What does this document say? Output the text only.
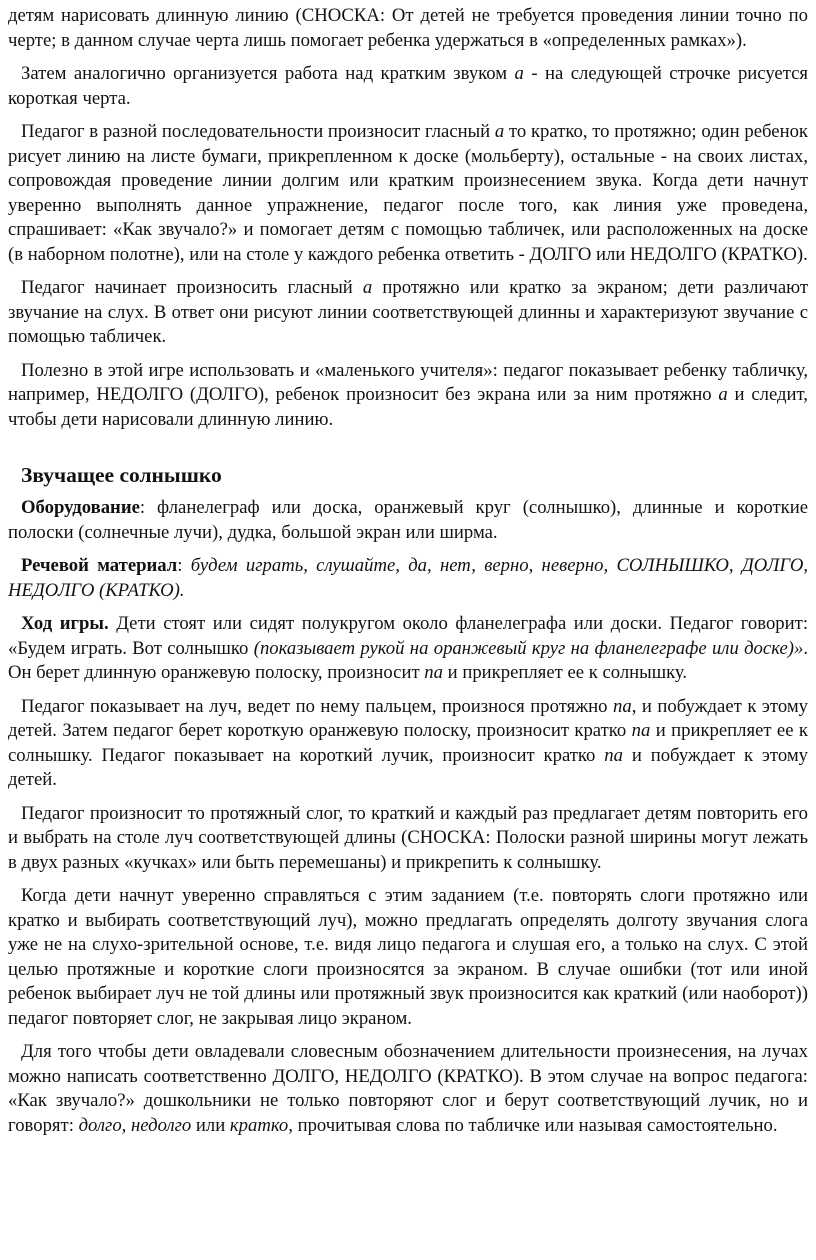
детям нарисовать длинную линию (СНОСКА: От детей не требуется проведения линии точно по черте; в данном случае черта лишь помогает ребенка удержаться в «определенных рамках»).

Затем аналогично организуется работа над кратким звуком а - на следующей строчке рисуется короткая черта.

Педагог в разной последовательности произносит гласный а то кратко, то протяжно; один ребенок рисует линию на листе бумаги, прикрепленном к доске (мольберту), остальные - на своих листах, сопровождая проведение линии долгим или кратким произнесением звука. Когда дети начнут уверенно выполнять данное упражнение, педагог после того, как линия уже проведена, спрашивает: «Как звучало?» и помогает детям с помощью табличек, или расположенных на доске (в наборном полотне), или на столе у каждого ребенка ответить - ДОЛГО или НЕДОЛГО (КРАТКО).

Педагог начинает произносить гласный а протяжно или кратко за экраном; дети различают звучание на слух. В ответ они рисуют линии соответствующей длинны и характеризуют звучание с помощью табличек.

Полезно в этой игре использовать и «маленького учителя»: педагог показывает ребенку табличку, например, НЕДОЛГО (ДОЛГО), ребенок произносит без экрана или за ним протяжно а и следит, чтобы дети нарисовали длинную линию.

Звучащее солнышко

Оборудование: фланелеграф или доска, оранжевый круг (солнышко), длинные и короткие полоски (солнечные лучи), дудка, большой экран или ширма.

Речевой материал: будем играть, слушайте, да, нет, верно, неверно, СОЛНЫШКО, ДОЛГО, НЕДОЛГО (КРАТКО).

Ход игры. Дети стоят или сидят полукругом около фланелеграфа или доски. Педагог говорит: «Будем играть. Вот солнышко (показывает рукой на оранжевый круг на фланелеграфе или доске)». Он берет длинную оранжевую полоску, произносит па и прикрепляет ее к солнышку.

Педагог показывает на луч, ведет по нему пальцем, произнося протяжно па, и побуждает к этому детей. Затем педагог берет короткую оранжевую полоску, произносит кратко па и прикрепляет ее к солнышку. Педагог показывает на короткий лучик, произносит кратко па и побуждает к этому детей.

Педагог произносит то протяжный слог, то краткий и каждый раз предлагает детям повторить его и выбрать на столе луч соответствующей длины (СНОСКА: Полоски разной ширины могут лежать в двух разных «кучках» или быть перемешаны) и прикрепить к солнышку.

Когда дети начнут уверенно справляться с этим заданием (т.е. повторять слоги протяжно или кратко и выбирать соответствующий луч), можно предлагать определять долготу звучания слога уже не на слухо-зрительной основе, т.е. видя лицо педагога и слушая его, а только на слух. С этой целью протяжные и короткие слоги произносятся за экраном. В случае ошибки (тот или иной ребенок выбирает луч не той длины или протяжный звук произносится как краткий (или наоборот)) педагог повторяет слог, не закрывая лицо экраном.

Для того чтобы дети овладевали словесным обозначением длительности произнесения, на лучах можно написать соответственно ДОЛГО, НЕДОЛГО (КРАТКО). В этом случае на вопрос педагога: «Как звучало?» дошкольники не только повторяют слог и берут соответствующий лучик, но и говорят: долго, недолго или кратко, прочитывая слова по табличке или называя самостоятельно.
